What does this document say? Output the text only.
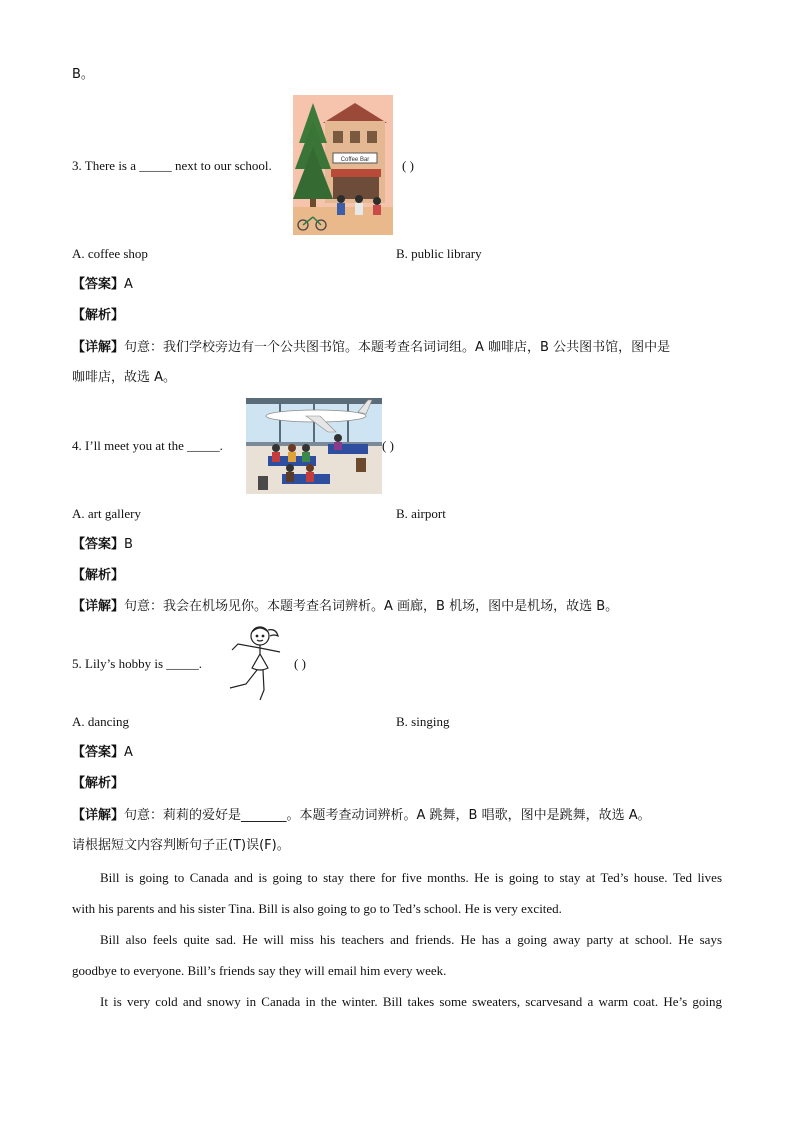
B。
3. There is a _____ next to our school.	Coffee Bar	( )
A. coffee shop	B. public library
【答案】A
【解析】
【详解】句意：我们学校旁边有一个公共图书馆。本题考查名词词组。A 咖啡店，B 公共图书馆，图中是
咖啡店，故选 A。
4. I’ll meet you at the _____.	( )
A. art gallery	B. airport
【答案】B
【解析】
【详解】句意：我会在机场见你。本题考查名词辨析。A 画廊，B 机场，图中是机场，故选 B。
5. Lily’s hobby is _____.	( )
A. dancing	B. singing
【答案】A
【解析】
【详解】句意：莉莉的爱好是_______。本题考查动词辨析。A 跳舞，B 唱歌，图中是跳舞，故选 A。
请根据短文内容判断句子正(T)误(F)。
Bill is going to Canada and is going to stay there for five months. He is going to stay at Ted’s house. Ted lives
with his parents and his sister Tina. Bill is also going to go to Ted’s school. He is very excited.
Bill also feels quite sad. He will miss his teachers and friends. He has a going away party at school. He says
goodbye to everyone. Bill’s friends say they will email him every week.
It is very cold and snowy in Canada in the winter. Bill takes some sweaters, scarvesand a warm coat. He’s going
